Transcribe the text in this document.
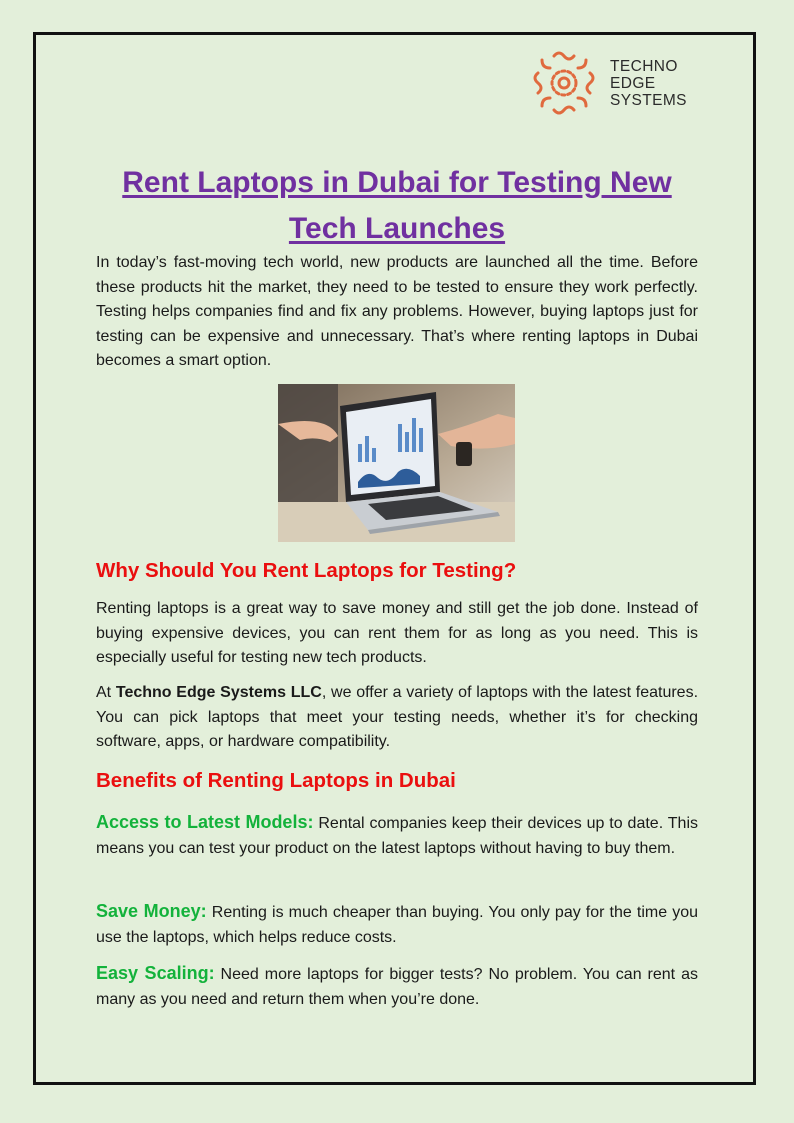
TECHNO
EDGE
SYSTEMS
Rent Laptops in Dubai for Testing New Tech Launches

In today’s fast-moving tech world, new products are launched all the time. Before these products hit the market, they need to be tested to ensure they work perfectly. Testing helps companies find and fix any problems. However, buying laptops just for testing can be expensive and unnecessary. That’s where renting laptops in Dubai becomes a smart option.

Why Should You Rent Laptops for Testing?

Renting laptops is a great way to save money and still get the job done. Instead of buying expensive devices, you can rent them for as long as you need. This is especially useful for testing new tech products.

At Techno Edge Systems LLC, we offer a variety of laptops with the latest features. You can pick laptops that meet your testing needs, whether it’s for checking software, apps, or hardware compatibility.

Benefits of Renting Laptops in Dubai

Access to Latest Models: Rental companies keep their devices up to date. This means you can test your product on the latest laptops without having to buy them.

Save Money: Renting is much cheaper than buying. You only pay for the time you use the laptops, which helps reduce costs.

Easy Scaling: Need more laptops for bigger tests? No problem. You can rent as many as you need and return them when you’re done.
